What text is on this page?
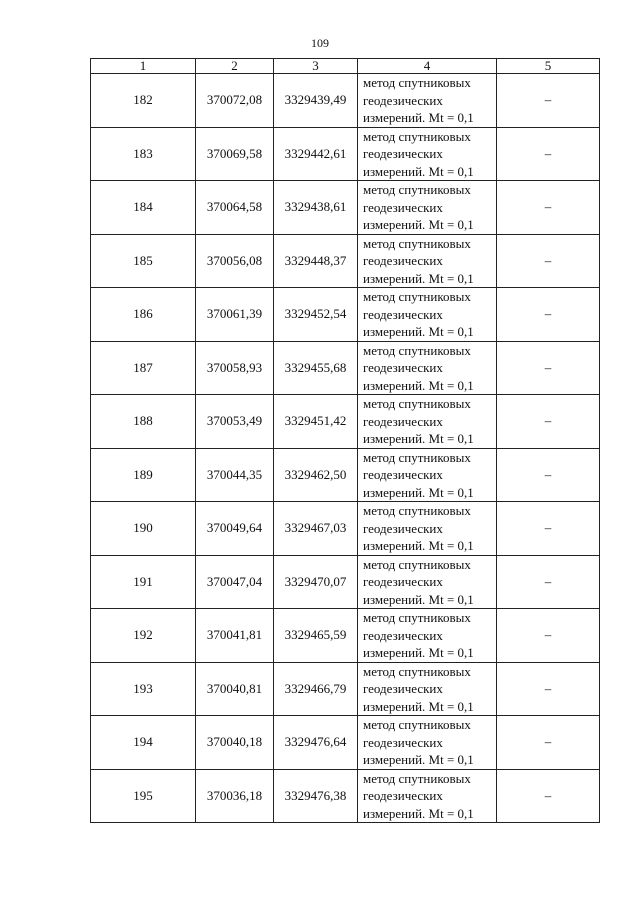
109
1	2	3	4	5
182	370072,08	3329439,49	метод спутниковых
геодезических
измерений. Mt = 0,1	–
183	370069,58	3329442,61	метод спутниковых
геодезических
измерений. Mt = 0,1	–
184	370064,58	3329438,61	метод спутниковых
геодезических
измерений. Mt = 0,1	–
185	370056,08	3329448,37	метод спутниковых
геодезических
измерений. Mt = 0,1	–
186	370061,39	3329452,54	метод спутниковых
геодезических
измерений. Mt = 0,1	–
187	370058,93	3329455,68	метод спутниковых
геодезических
измерений. Mt = 0,1	–
188	370053,49	3329451,42	метод спутниковых
геодезических
измерений. Mt = 0,1	–
189	370044,35	3329462,50	метод спутниковых
геодезических
измерений. Mt = 0,1	–
190	370049,64	3329467,03	метод спутниковых
геодезических
измерений. Mt = 0,1	–
191	370047,04	3329470,07	метод спутниковых
геодезических
измерений. Mt = 0,1	–
192	370041,81	3329465,59	метод спутниковых
геодезических
измерений. Mt = 0,1	–
193	370040,81	3329466,79	метод спутниковых
геодезических
измерений. Mt = 0,1	–
194	370040,18	3329476,64	метод спутниковых
геодезических
измерений. Mt = 0,1	–
195	370036,18	3329476,38	метод спутниковых
геодезических
измерений. Mt = 0,1	–
